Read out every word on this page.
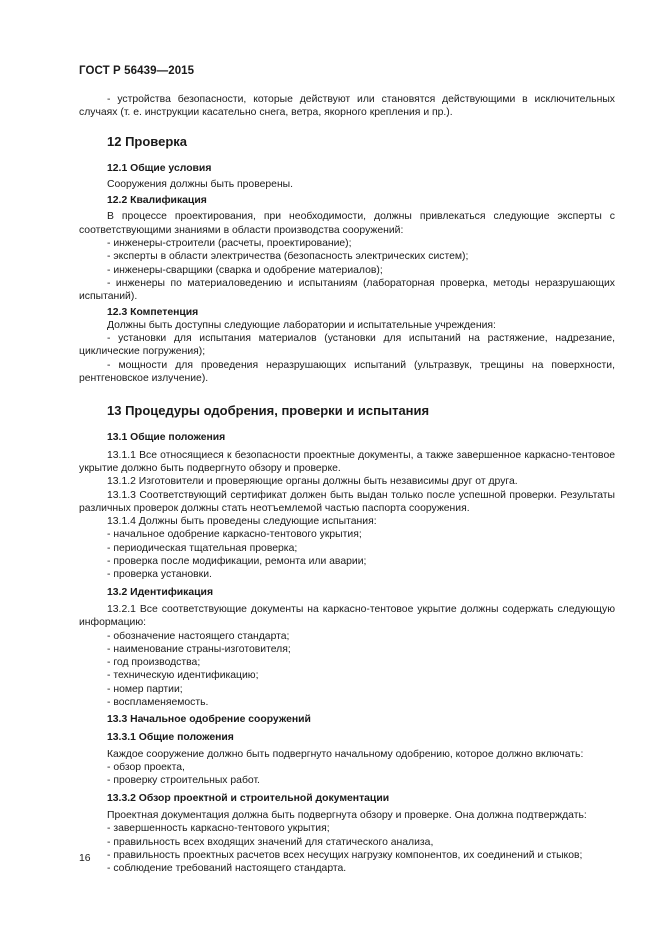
ГОСТ Р 56439—2015

- устройства безопасности, которые действуют или становятся действующими в исключительных случаях (т. е. инструкции касательно снега, ветра, якорного крепления и пр.).

12 Проверка
12.1 Общие условия

Сооружения должны быть проверены.

12.2 Квалификация

В процессе проектирования, при необходимости, должны привлекаться следующие эксперты с соответствующими знаниями в области производства сооружений:

- инженеры-строители (расчеты, проектирование);

- эксперты в области электричества (безопасность электрических систем);

- инженеры-сварщики (сварка и одобрение материалов);

- инженеры по материаловедению и испытаниям (лабораторная проверка, методы неразрушающих испытаний).

12.3 Компетенция

Должны быть доступны следующие лаборатории и испытательные учреждения:

- установки для испытания материалов (установки для испытаний на растяжение, надрезание, циклические погружения);

- мощности для проведения неразрушающих испытаний (ультразвук, трещины на поверхности, рентгеновское излучение).

13 Процедуры одобрения, проверки и испытания
13.1 Общие положения

13.1.1 Все относящиеся к безопасности проектные документы, а также завершенное каркасно-тентовое укрытие должно быть подвергнуто обзору и проверке.

13.1.2 Изготовители и проверяющие органы должны быть независимы друг от друга.

13.1.3 Соответствующий сертификат должен быть выдан только после успешной проверки. Результаты различных проверок должны стать неотъемлемой частью паспорта сооружения.

13.1.4 Должны быть проведены следующие испытания:

- начальное одобрение каркасно-тентового укрытия;

- периодическая тщательная проверка;

- проверка после модификации, ремонта или аварии;

- проверка установки.

13.2 Идентификация

13.2.1 Все соответствующие документы на каркасно-тентовое укрытие должны содержать следующую информацию:

- обозначение настоящего стандарта;

- наименование страны-изготовителя;

- год производства;

- техническую идентификацию;

- номер партии;

- воспламеняемость.

13.3 Начальное одобрение сооружений
13.3.1 Общие положения

Каждое сооружение должно быть подвергнуто начальному одобрению, которое должно включать:

- обзор проекта,

- проверку строительных работ.

13.3.2 Обзор проектной и строительной документации

Проектная документация должна быть подвергнута обзору и проверке. Она должна подтверждать:

- завершенность каркасно-тентового укрытия;

- правильность всех входящих значений для статического анализа,

- правильность проектных расчетов всех несущих нагрузку компонентов, их соединений и стыков;

- соблюдение требований настоящего стандарта.

16
